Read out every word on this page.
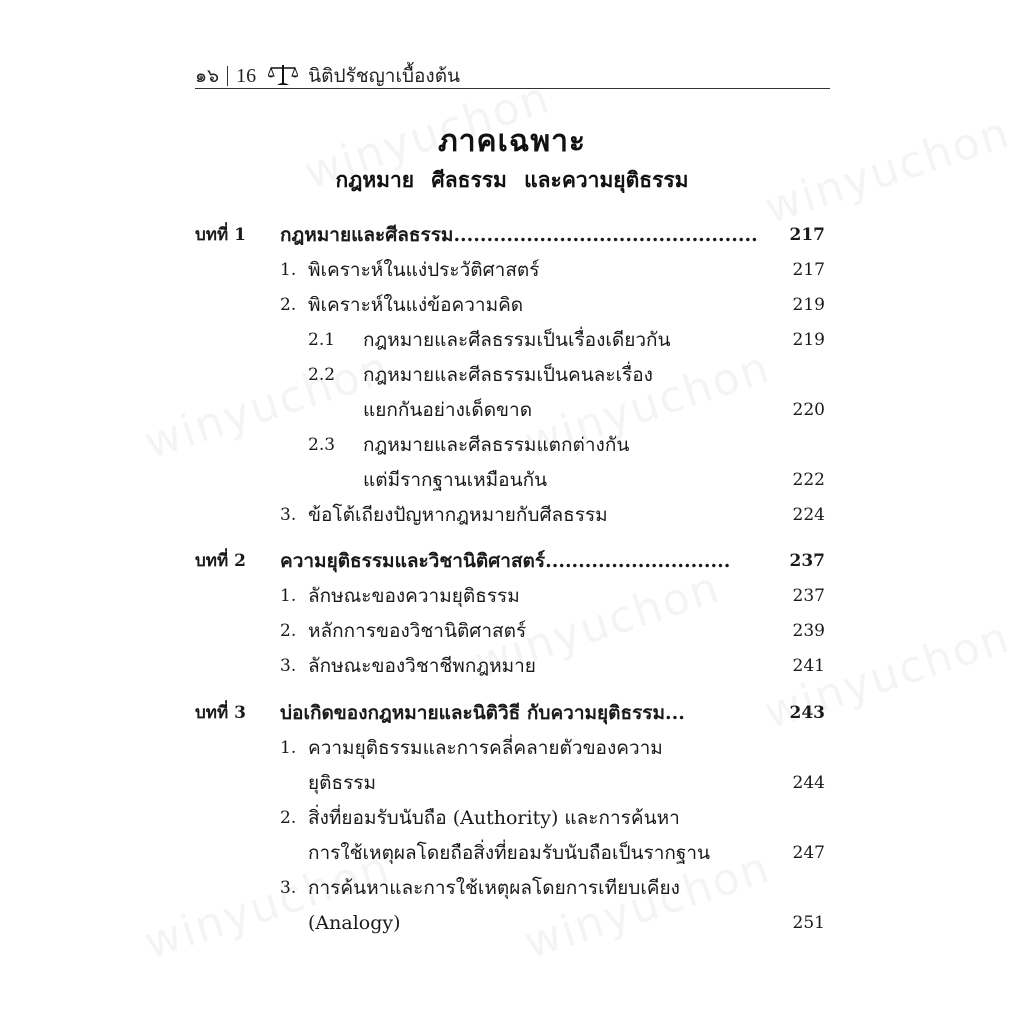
๑๖ 16	นิติปรัชญาเบื้องต้น
ภาคเฉพาะ
กฎหมาย ศีลธรรม และความยุติธรรม
บทที่ 1 กฎหมายและศีลธรรม.............................................. 217
1. พิเคราะห์ในแง่ประวัติศาสตร์	217
2. พิเคราะห์ในแง่ข้อความคิด	219
2.1 กฎหมายและศีลธรรมเป็นเรื่องเดียวกัน	219
2.2 กฎหมายและศีลธรรมเป็นคนละเรื่อง
แยกกันอย่างเด็ดขาด	220
2.3 กฎหมายและศีลธรรมแตกต่างกัน
แต่มีรากฐานเหมือนกัน	222
3. ข้อโต้เถียงปัญหากฎหมายกับศีลธรรม	224
บทที่ 2 ความยุติธรรมและวิชานิติศาสตร์............................	237
1. ลักษณะของความยุติธรรม	237
2. หลักการของวิชานิติศาสตร์	239
3. ลักษณะของวิชาชีพกฎหมาย	241
บทที่ 3 บ่อเกิดของกฎหมายและนิติวิธี กับความยุติธรรม...	243
1. ความยุติธรรมและการคลี่คลายตัวของความ
ยุติธรรม	244
2. สิ่งที่ยอมรับนับถือ (Authority) และการค้นหา
การใช้เหตุผลโดยถือสิ่งที่ยอมรับนับถือเป็นรากฐาน	247
3. การค้นหาและการใช้เหตุผลโดยการเทียบเคียง
(Analogy)	251
